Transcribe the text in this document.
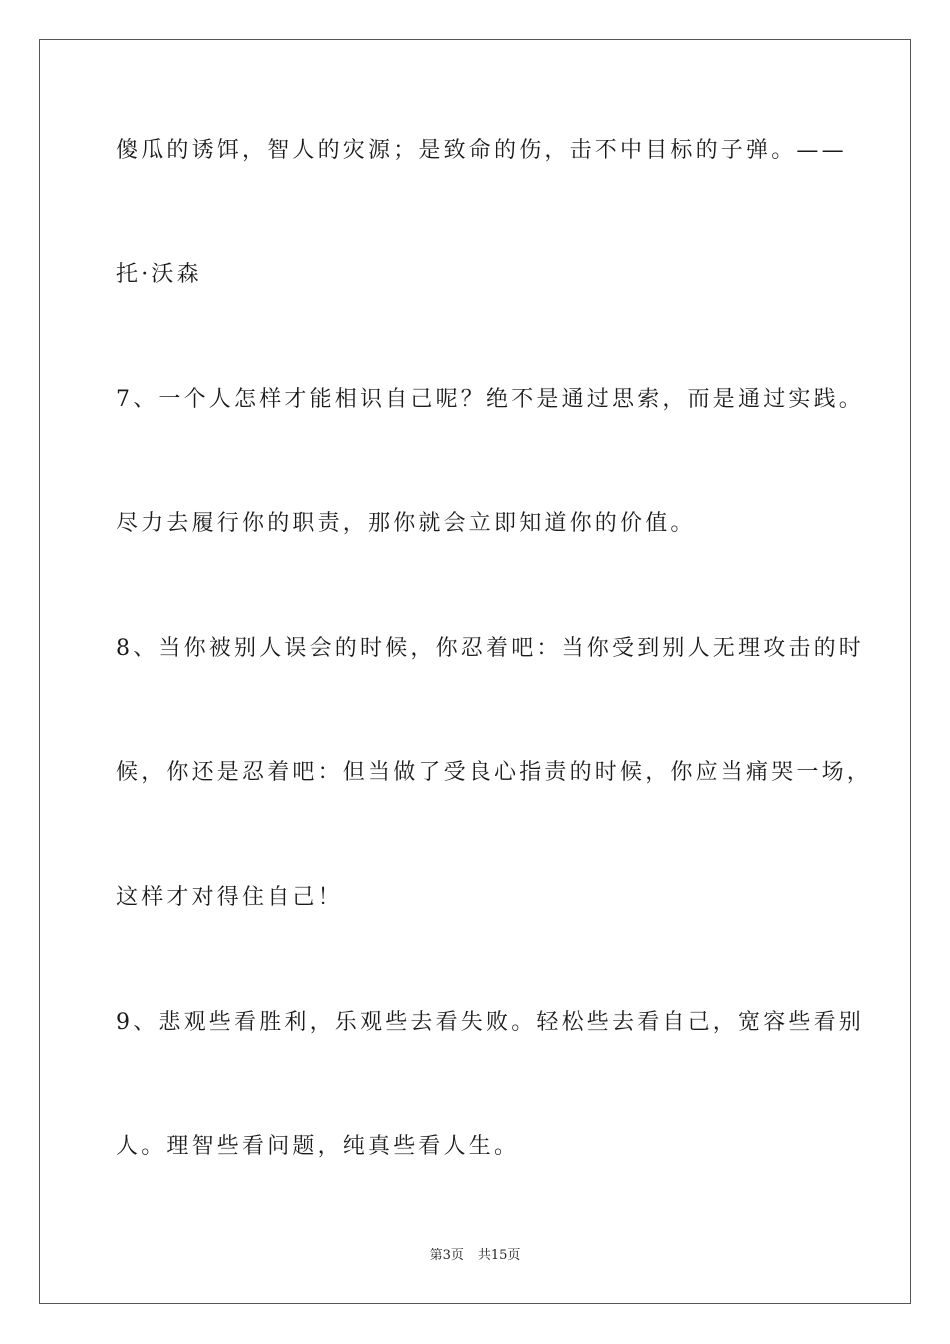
傻瓜的诱饵，智人的灾源；是致命的伤，击不中目标的子弹。——
托·沃森
7、一个人怎样才能相识自己呢？绝不是通过思索，而是通过实践。
尽力去履行你的职责，那你就会立即知道你的价值。
8、当你被别人误会的时候，你忍着吧：当你受到别人无理攻击的时
候，你还是忍着吧：但当做了受良心指责的时候，你应当痛哭一场，
这样才对得住自己！
9、悲观些看胜利，乐观些去看失败。轻松些去看自己，宽容些看别
人。理智些看问题，纯真些看人生。
第3页 共15页
